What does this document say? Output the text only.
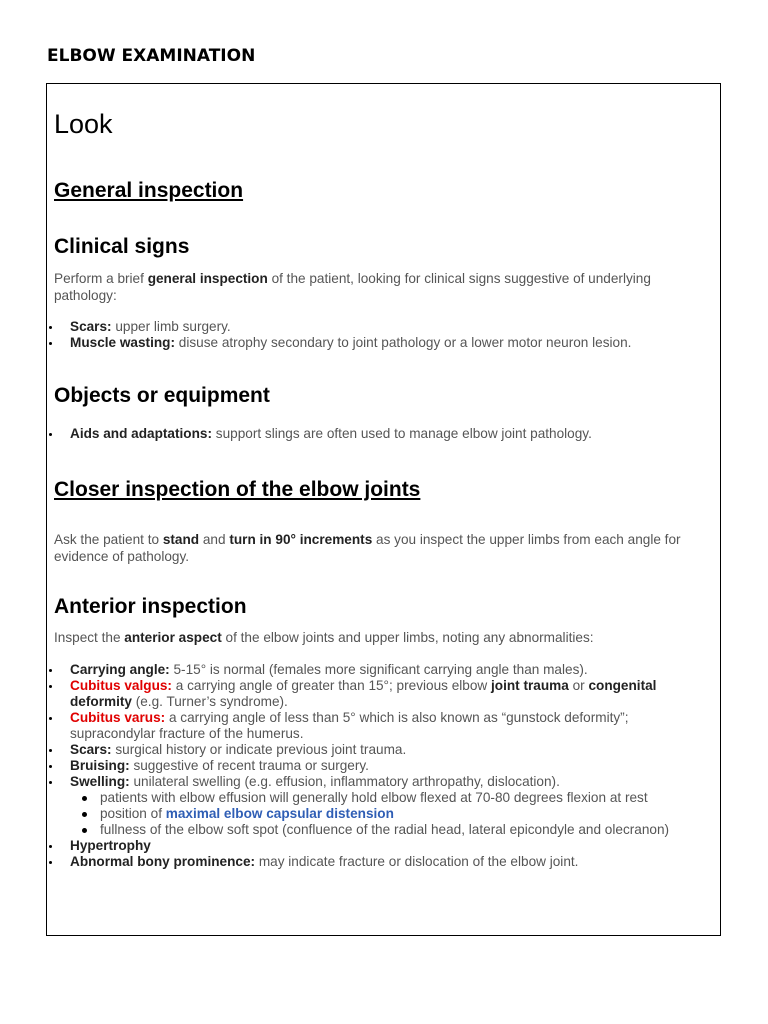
ELBOW EXAMINATION
Look
General inspection
Clinical signs

Perform a brief general inspection of the patient, looking for clinical signs suggestive of underlying pathology:

Scars: upper limb surgery.
Muscle wasting: disuse atrophy secondary to joint pathology or a lower motor neuron lesion.
Objects or equipment
Aids and adaptations: support slings are often used to manage elbow joint pathology.
Closer inspection of the elbow joints

Ask the patient to stand and turn in 90° increments as you inspect the upper limbs from each angle for evidence of pathology.

Anterior inspection

Inspect the anterior aspect of the elbow joints and upper limbs, noting any abnormalities:

Carrying angle: 5-15° is normal (females more significant carrying angle than males).
Cubitus valgus: a carrying angle of greater than 15°; previous elbow joint trauma or congenital deformity (e.g. Turner’s syndrome).
Cubitus varus: a carrying angle of less than 5° which is also known as “gunstock deformity”; supracondylar fracture of the humerus.
Scars: surgical history or indicate previous joint trauma.
Bruising: suggestive of recent trauma or surgery.
Swelling: unilateral swelling (e.g. effusion, inflammatory arthropathy, dislocation).
patients with elbow effusion will generally hold elbow flexed at 70-80 degrees flexion at rest
position of maximal elbow capsular distension
fullness of the elbow soft spot (confluence of the radial head, lateral epicondyle and olecranon)
Hypertrophy
Abnormal bony prominence: may indicate fracture or dislocation of the elbow joint.
